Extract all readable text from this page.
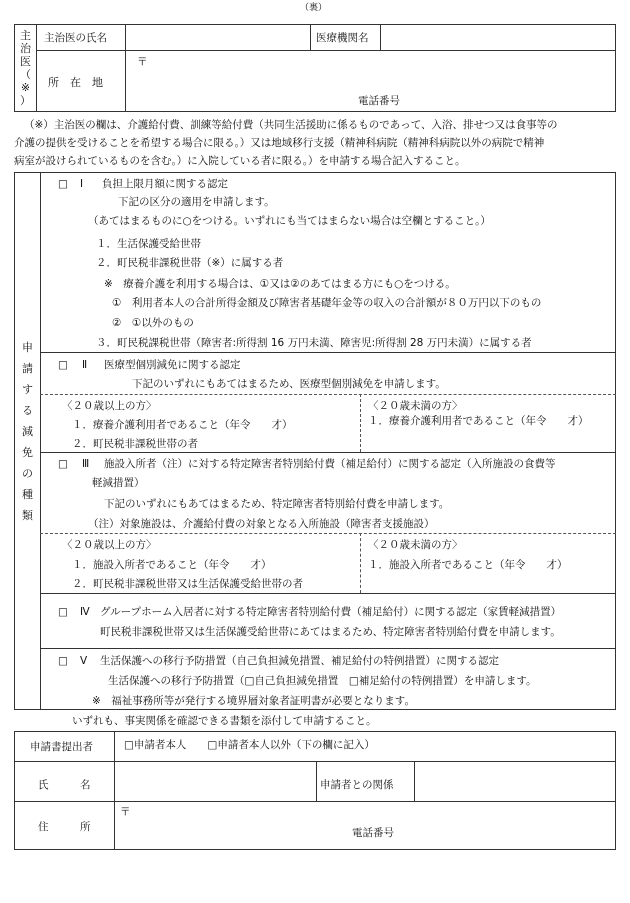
（裏）
主
治
医
（
※
）
主治医の氏名	医療機関名
所　在　地
〒
電話番号
（※）主治医の欄は、介護給付費、訓練等給付費（共同生活援助に係るものであって、入浴、排せつ又は食事等の
介護の提供を受けることを希望する場合に限る。）又は地域移行支援（精神科病院（精神科病院以外の病院で精神
病室が設けられているものを含む。）に入院している者に限る。）を申請する場合記入すること。
申
請
す
る
減
免
の
種
類
□ Ⅰ 負担上限月額に関する認定
下記の区分の適用を申請します。
（あてはまるものに○をつける。いずれにも当てはまらない場合は空欄とすること。）
１．生活保護受給世帯
２．町民税非課税世帯（※）に属する者
※　療養介護を利用する場合は、①又は②のあてはまる方にも○をつける。
①　利用者本人の合計所得金額及び障害者基礎年金等の収入の合計額が８０万円以下のもの
②　①以外のもの
３．町民税課税世帯（障害者:所得割 16 万円未満、障害児:所得割 28 万円未満）に属する者
□ Ⅱ 医療型個別減免に関する認定
下記のいずれにもあてはまるため、医療型個別減免を申請します。
〈２０歳以上の方〉
１．療養介護利用者であること（年令　　才）
２．町民税非課税世帯の者
〈２０歳未満の方〉
１．療養介護利用者であること（年令　　才）
□ Ⅲ 施設入所者（注）に対する特定障害者特別給付費（補足給付）に関する認定（入所施設の食費等
軽減措置）
下記のいずれにもあてはまるため、特定障害者特別給付費を申請します。
（注）対象施設は、介護給付費の対象となる入所施設（障害者支援施設）
〈２０歳以上の方〉
１．施設入所者であること（年令　　才）
２．町民税非課税世帯又は生活保護受給世帯の者
〈２０歳未満の方〉
１．施設入所者であること（年令　　才）
□ Ⅳ グループホーム入居者に対する特定障害者特別給付費（補足給付）に関する認定（家賃軽減措置）
町民税非課税世帯又は生活保護受給世帯にあてはまるため、特定障害者特別給付費を申請します。
□ Ⅴ 生活保護への移行予防措置（自己負担減免措置、補足給付の特例措置）に関する認定
生活保護への移行予防措置（□自己負担減免措置　□補足給付の特例措置）を申請します。
※　福祉事務所等が発行する境界層対象者証明書が必要となります。
いずれも、事実関係を確認できる書類を添付して申請すること。
申請書提出者	□申請者本人　　□申請者本人以外（下の欄に記入）
氏　　　名	申請者との関係
住　　　所
〒
電話番号
